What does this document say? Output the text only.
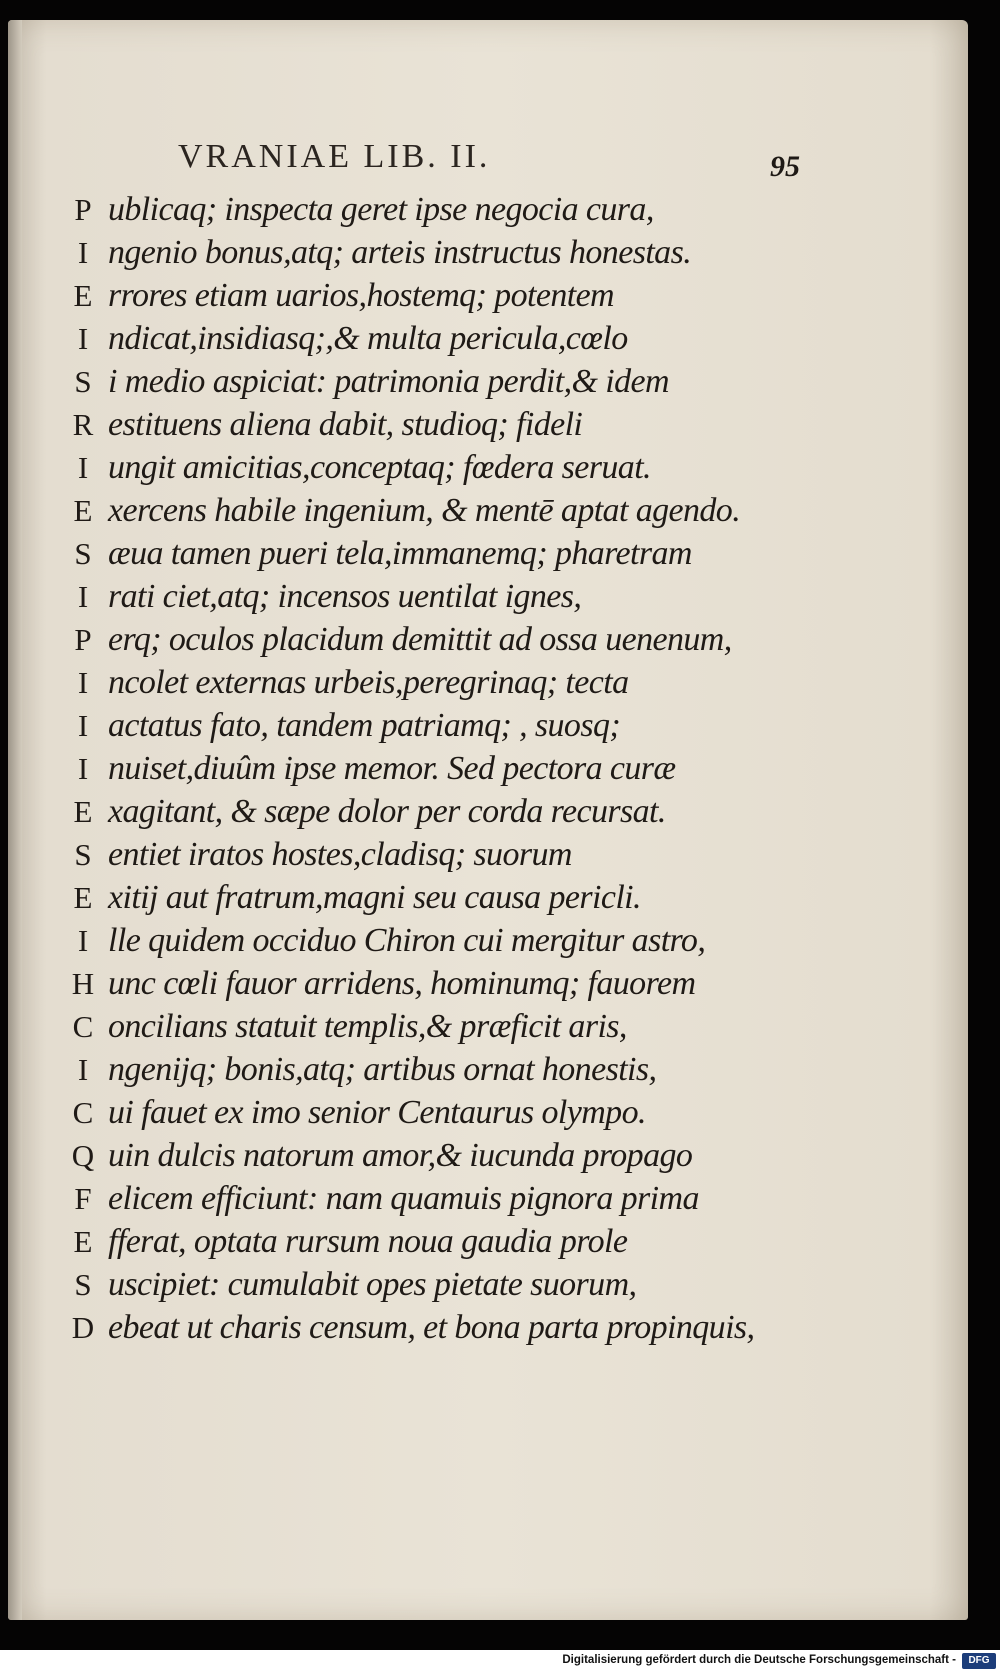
VRANIAE LIB. II.	95
P ublicaq; inspecta geret ipse negocia cura,
I ngenio bonus,atq; arteis instructus honestas.
E rrores etiam uarios,hostemq; potentem
I ndicat,insidiasq;,& multa pericula,cœlo
S i medio aspiciat: patrimonia perdit,& idem
R estituens aliena dabit, studioq; fideli
I ungit amicitias,conceptaq; fœdera seruat.
E xercens habile ingenium, & mentē aptat agendo.
S æua tamen pueri tela,immanemq; pharetram
I rati ciet,atq; incensos uentilat ignes,
P erq; oculos placidum demittit ad ossa uenenum,
I ncolet externas urbeis,peregrinaq; tecta
I actatus fato, tandem patriamq; , suosq;
I nuiset,diuûm ipse memor. Sed pectora curæ
E xagitant, & sæpe dolor per corda recursat.
S entiet iratos hostes,cladisq; suorum
E xitij aut fratrum,magni seu causa pericli.
I lle quidem occiduo Chiron cui mergitur astro,
H unc cœli fauor arridens, hominumq; fauorem
C oncilians statuit templis,& præficit aris,
I ngenijq; bonis,atq; artibus ornat honestis,
C ui fauet ex imo senior Centaurus olympo.
Q uin dulcis natorum amor,& iucunda propago
F elicem efficiunt: nam quamuis pignora prima
E fferat, optata rursum noua gaudia prole
S uscipiet: cumulabit opes pietate suorum,
D ebeat ut charis censum, et bona parta propinquis,
Digitalisierung gefördert durch die Deutsche Forschungsgemeinschaft -	DFG
